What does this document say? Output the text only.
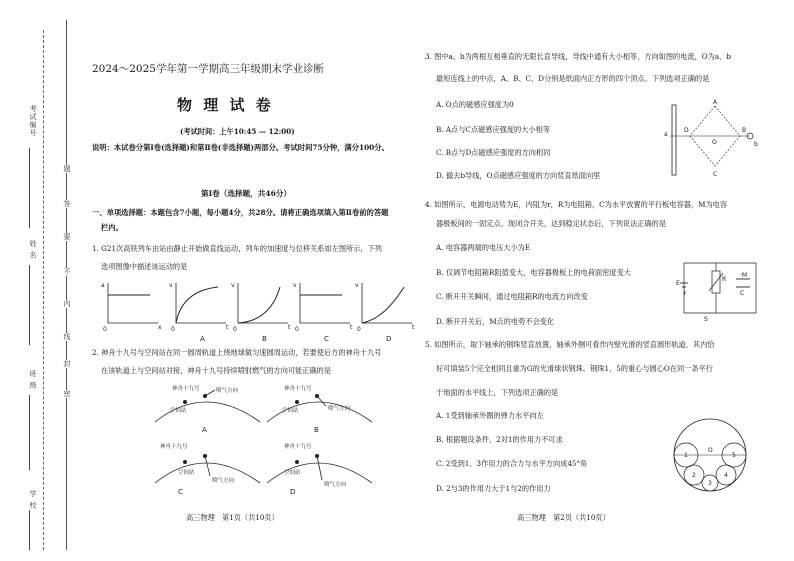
考试编号
姓 名
班 级
学 校
题
答
要
不
内
线
封
密
2024～2025学年第一学期高三年级期末学业诊断
物 理 试 卷
(考试时间：上午10:45 — 12:00)
说明：本试卷分第Ⅰ卷(选择题)和第Ⅱ卷(非选择题)两部分。考试时间75分钟，满分100分。
第Ⅰ卷（选择题，共46分）
一、单项选择题：本题包含7小题，每小题4分，共28分。请将正确选项填入第Ⅱ卷前的答题
栏内。
1. G21次高铁列车由站由静止开始做直线运动，列车的加速度与位移关系如左图所示，下列
选项图像中描述该运动的是
a
x
0
v
t
0
A
v
t
0
B
v
t
0
C
v
t
0
D
2. 神舟十九号与空间站在同一圆周轨道上绕地球做匀速圆周运动，若要使后方的神舟十九号
在该轨道上与空间站对接，神舟十九号持续喷射燃气的方向可能正确的是
神舟十九号
空间站
喷气方向
A
神舟十九号
空间站	喷气方向
B
神舟十九号
空间站
喷气方向
C
神舟十九号
空间站
喷气方向
D
高三物理　第1页（共10页）
3. 图中a、b为两根互相垂直的无限长直导线，导线中通有大小相等、方向如图的电流，O为a、b
最短连线上的中点，A、B、C、D分别是纸面内正方形的四个顶点。下列选项正确的是
A. O点的磁感应强度为0
B. A点与C点磁感应强度的大小相等
C. B点与D点磁感应强度的方向相同
D. 撤去b导线，O点磁感应强度的方向竖直纸面向里
a
b
A
B
C
D
O
4. 如图所示，电源电动势为E，内阻为r，R为电阻箱，C为水平放置的平行板电容器，M为电容
器极板间的一固定点。现闭合开关，达到稳定状态后，下列说法正确的是
A. 电容器两端的电压大小为E
B. 仅调节电阻箱R阻值变大，电容器极板上的电荷面密度变大
C. 断开开关瞬间，通过电阻箱R的电流方向改变
D. 断开开关后，M点的电势不会变化
E
r
R
C
·M
S
5. 如图所示，取下轴承的钢珠竖直放置，轴承外侧可看作内壁光滑的竖直圆形轨道，其内恰
好可填装5个完全相同且重为G的光滑球状钢珠。钢珠1、5的重心与圆心O在同一条平行
于地面的水平线上，下列选项正确的是
A. 1受到轴承外圈的弹力水平向左
B. 根据题设条件，2对1的作用力不可求
C. 2受到1、3作用力的合力与水平方向成45°角
D. 2与3的作用力大于1与2的作用力
1
2
3
4
5
O
高三物理　第2页（共10页）
